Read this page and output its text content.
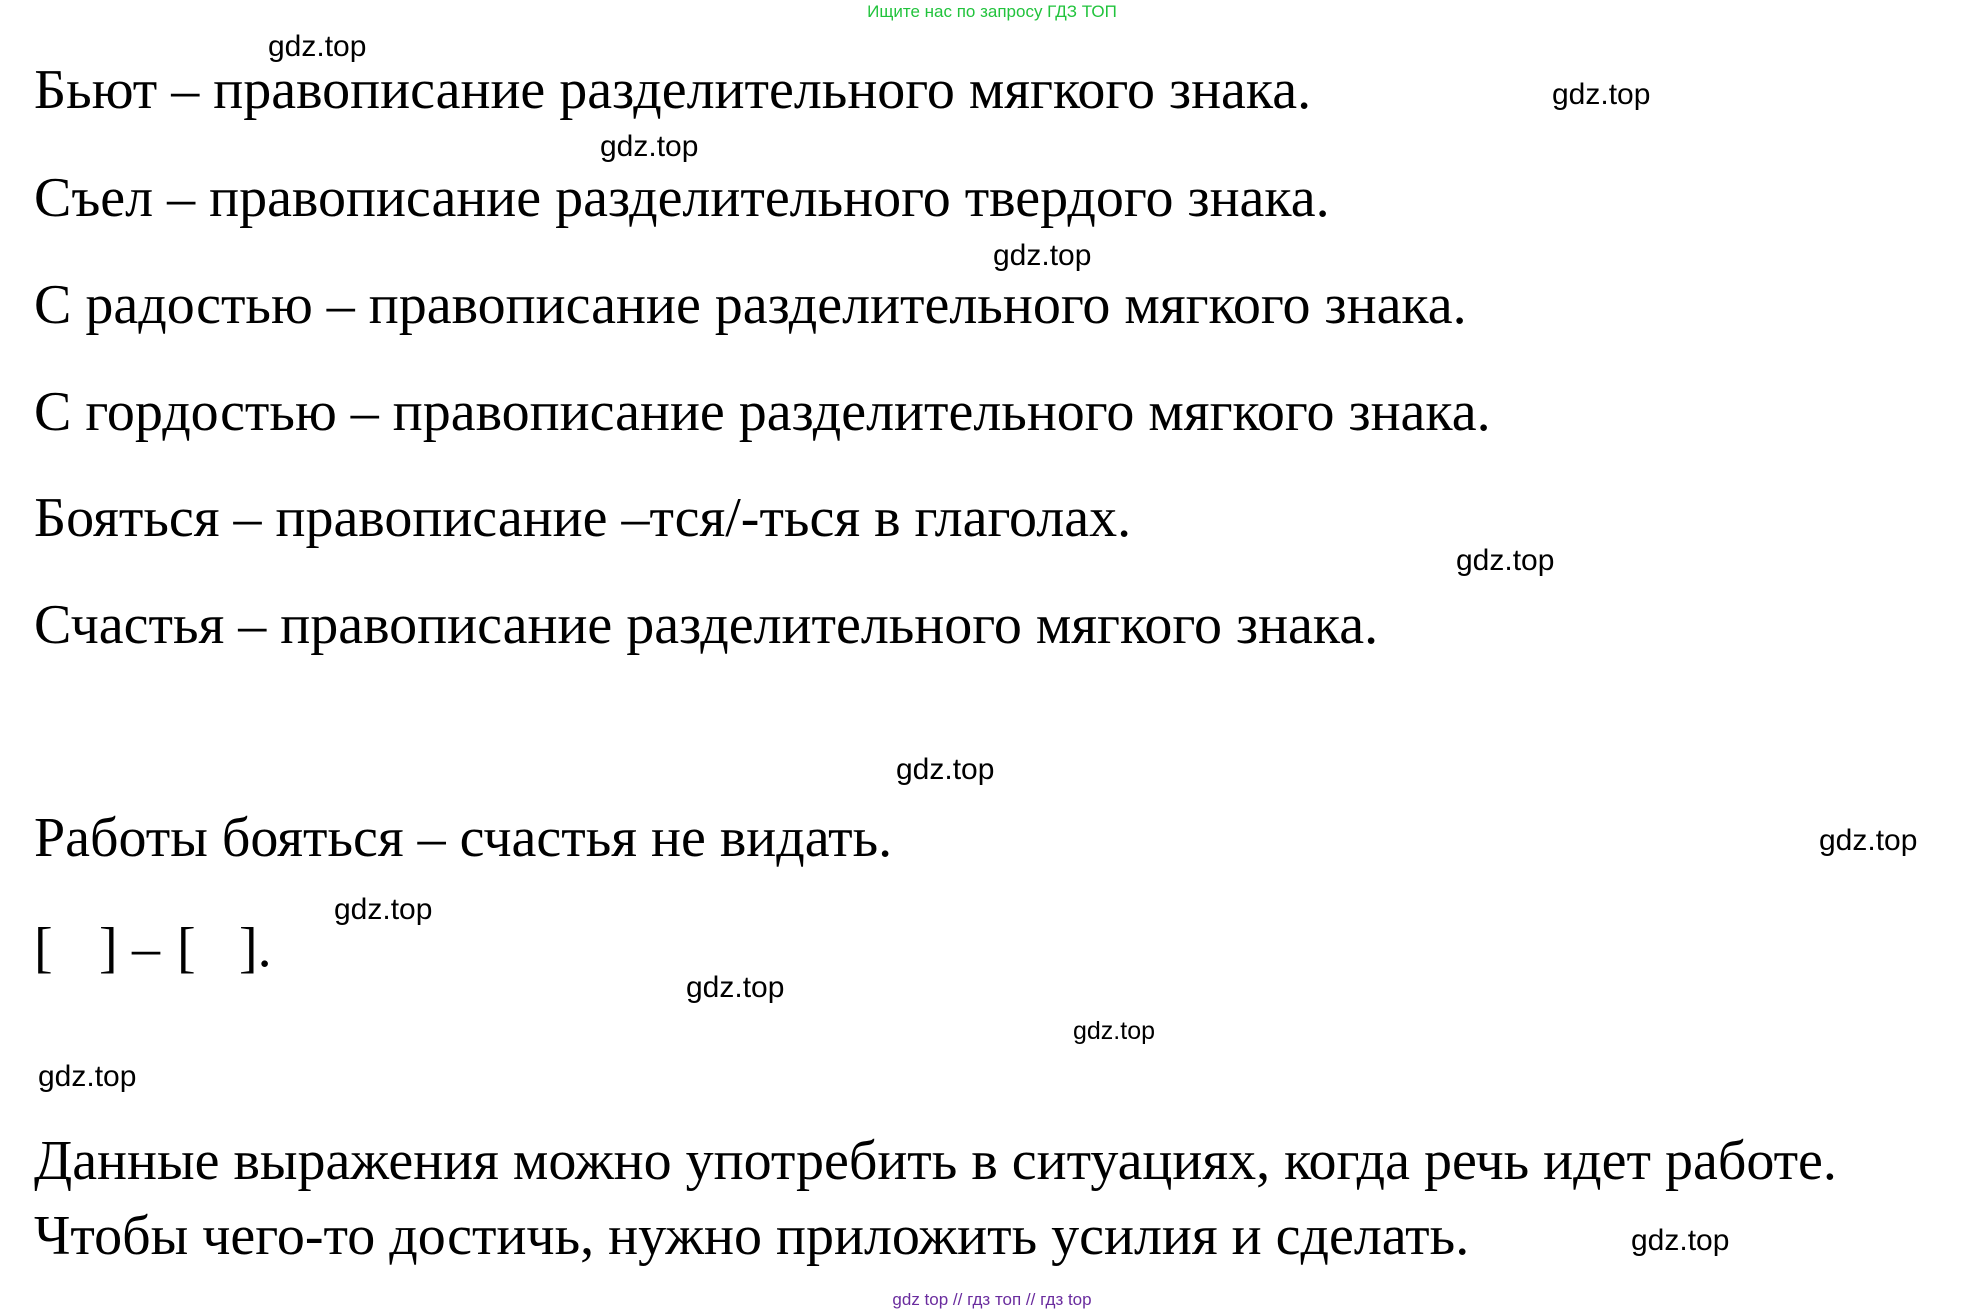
Ищите нас по запросу ГДЗ ТОП
Бьют – правописание разделительного мягкого знака.
Съел – правописание разделительного твердого знака.
С радостью – правописание разделительного мягкого знака.
С гордостью – правописание разделительного мягкого знака.
Бояться – правописание –тся/-ться в глаголах.
Счастья – правописание разделительного мягкого знака.
Работы бояться – счастья не видать.
[ ] – [ ].
Данные выражения можно употребить в ситуациях, когда речь идет работе.
Чтобы чего-то достичь, нужно приложить усилия и сделать.
gdz.top
gdz.top
gdz.top
gdz.top
gdz.top
gdz.top
gdz.top
gdz.top
gdz.top
gdz.top
gdz.top
gdz.top
gdz top // гдз топ // гдз top
